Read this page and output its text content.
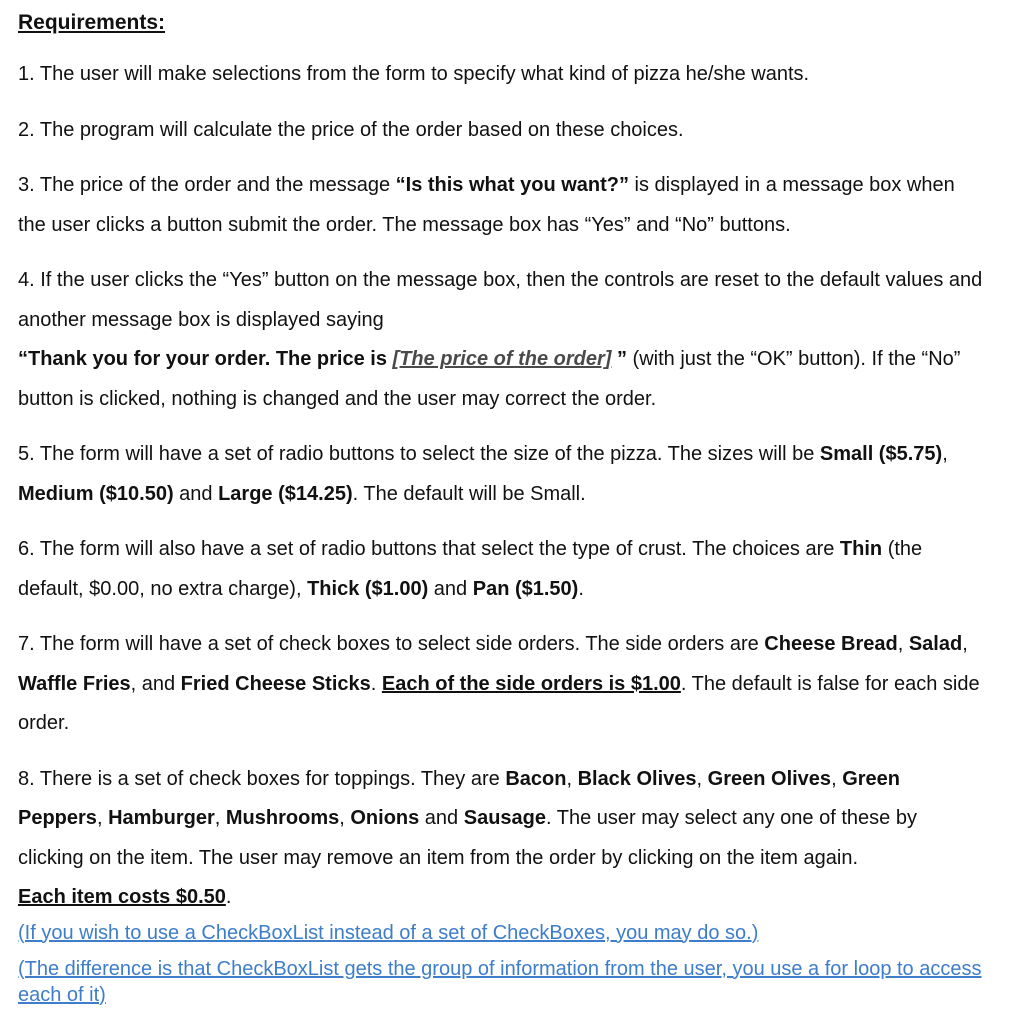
Requirements:

1. The user will make selections from the form to specify what kind of pizza he/she wants.

2. The program will calculate the price of the order based on these choices.

3. The price of the order and the message “Is this what you want?” is displayed in a message box when the user clicks a button submit the order. The message box has “Yes” and “No” buttons.

4. If the user clicks the “Yes” button on the message box, then the controls are reset to the default values and another message box is displayed saying
“Thank you for your order. The price is [The price of the order] ” (with just the “OK” button). If the “No” button is clicked, nothing is changed and the user may correct the order.

5. The form will have a set of radio buttons to select the size of the pizza. The sizes will be Small ($5.75), Medium ($10.50) and Large ($14.25). The default will be Small.

6. The form will also have a set of radio buttons that select the type of crust. The choices are Thin (the default, $0.00, no extra charge), Thick ($1.00) and Pan ($1.50).

7. The form will have a set of check boxes to select side orders. The side orders are Cheese Bread, Salad, Waffle Fries, and Fried Cheese Sticks. Each of the side orders is $1.00. The default is false for each side order.

8. There is a set of check boxes for toppings. They are Bacon, Black Olives, Green Olives, Green Peppers, Hamburger, Mushrooms, Onions and Sausage. The user may select any one of these by clicking on the item. The user may remove an item from the order by clicking on the item again.
Each item costs $0.50.

(If you wish to use a CheckBoxList instead of a set of CheckBoxes, you may do so.)

(The difference is that CheckBoxList gets the group of information from the user, you use a for loop to access each of it)
